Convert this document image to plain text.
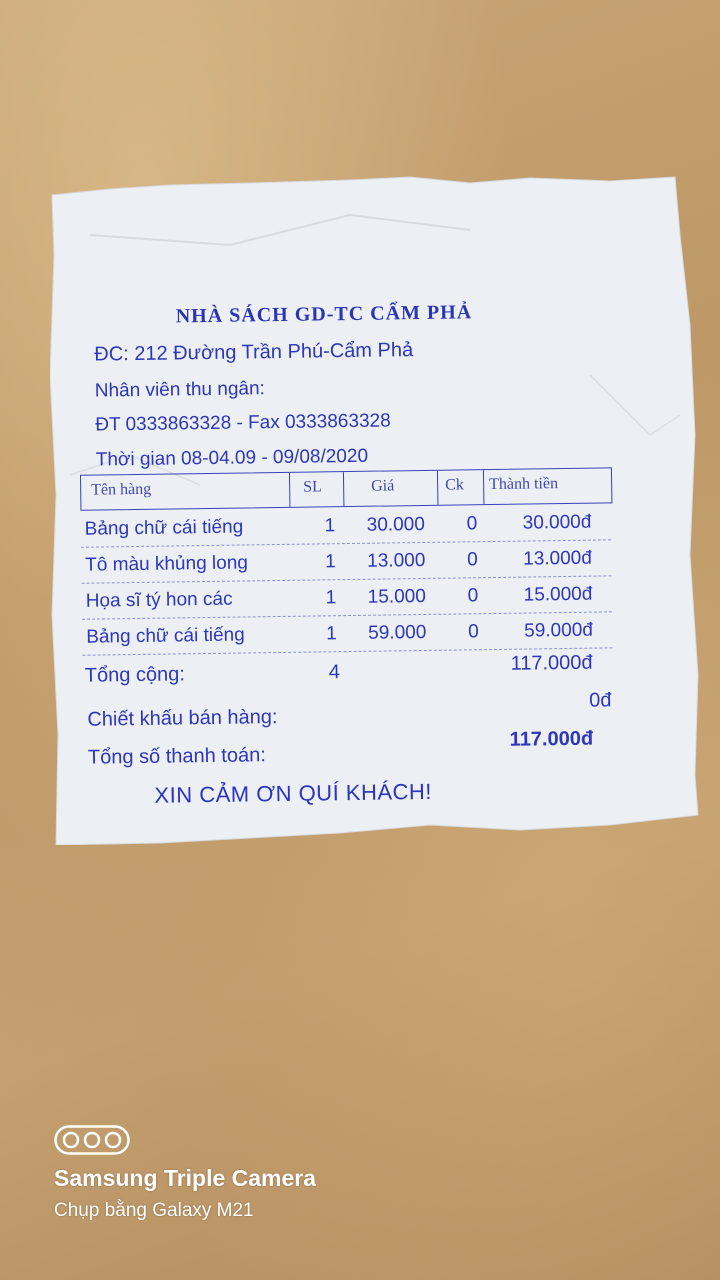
NHÀ SÁCH GD-TC CẨM PHẢ
ĐC: 212 Đường Trần Phú-Cẩm Phả
Nhân viên thu ngân:
ĐT 0333863328 - Fax 0333863328
Thời gian 08-04.09 - 09/08/2020
Tên hàng	SL	Giá	Ck Thành tiền
Bảng chữ cái tiếng	1 30.000 0 30.000đ
Tô màu khủng long	1 13.000 0 13.000đ
Họa sĩ tý hon các	1 15.000 0 15.000đ
Bảng chữ cái tiếng	1 59.000 0 59.000đ
Tổng cộng:	4	117.000đ
Chiết khấu bán hàng:
0đ
Tổng số thanh toán:
117.000đ
XIN CẢM ƠN QUÍ KHÁCH!
Samsung Triple Camera
Chụp bằng Galaxy M21
